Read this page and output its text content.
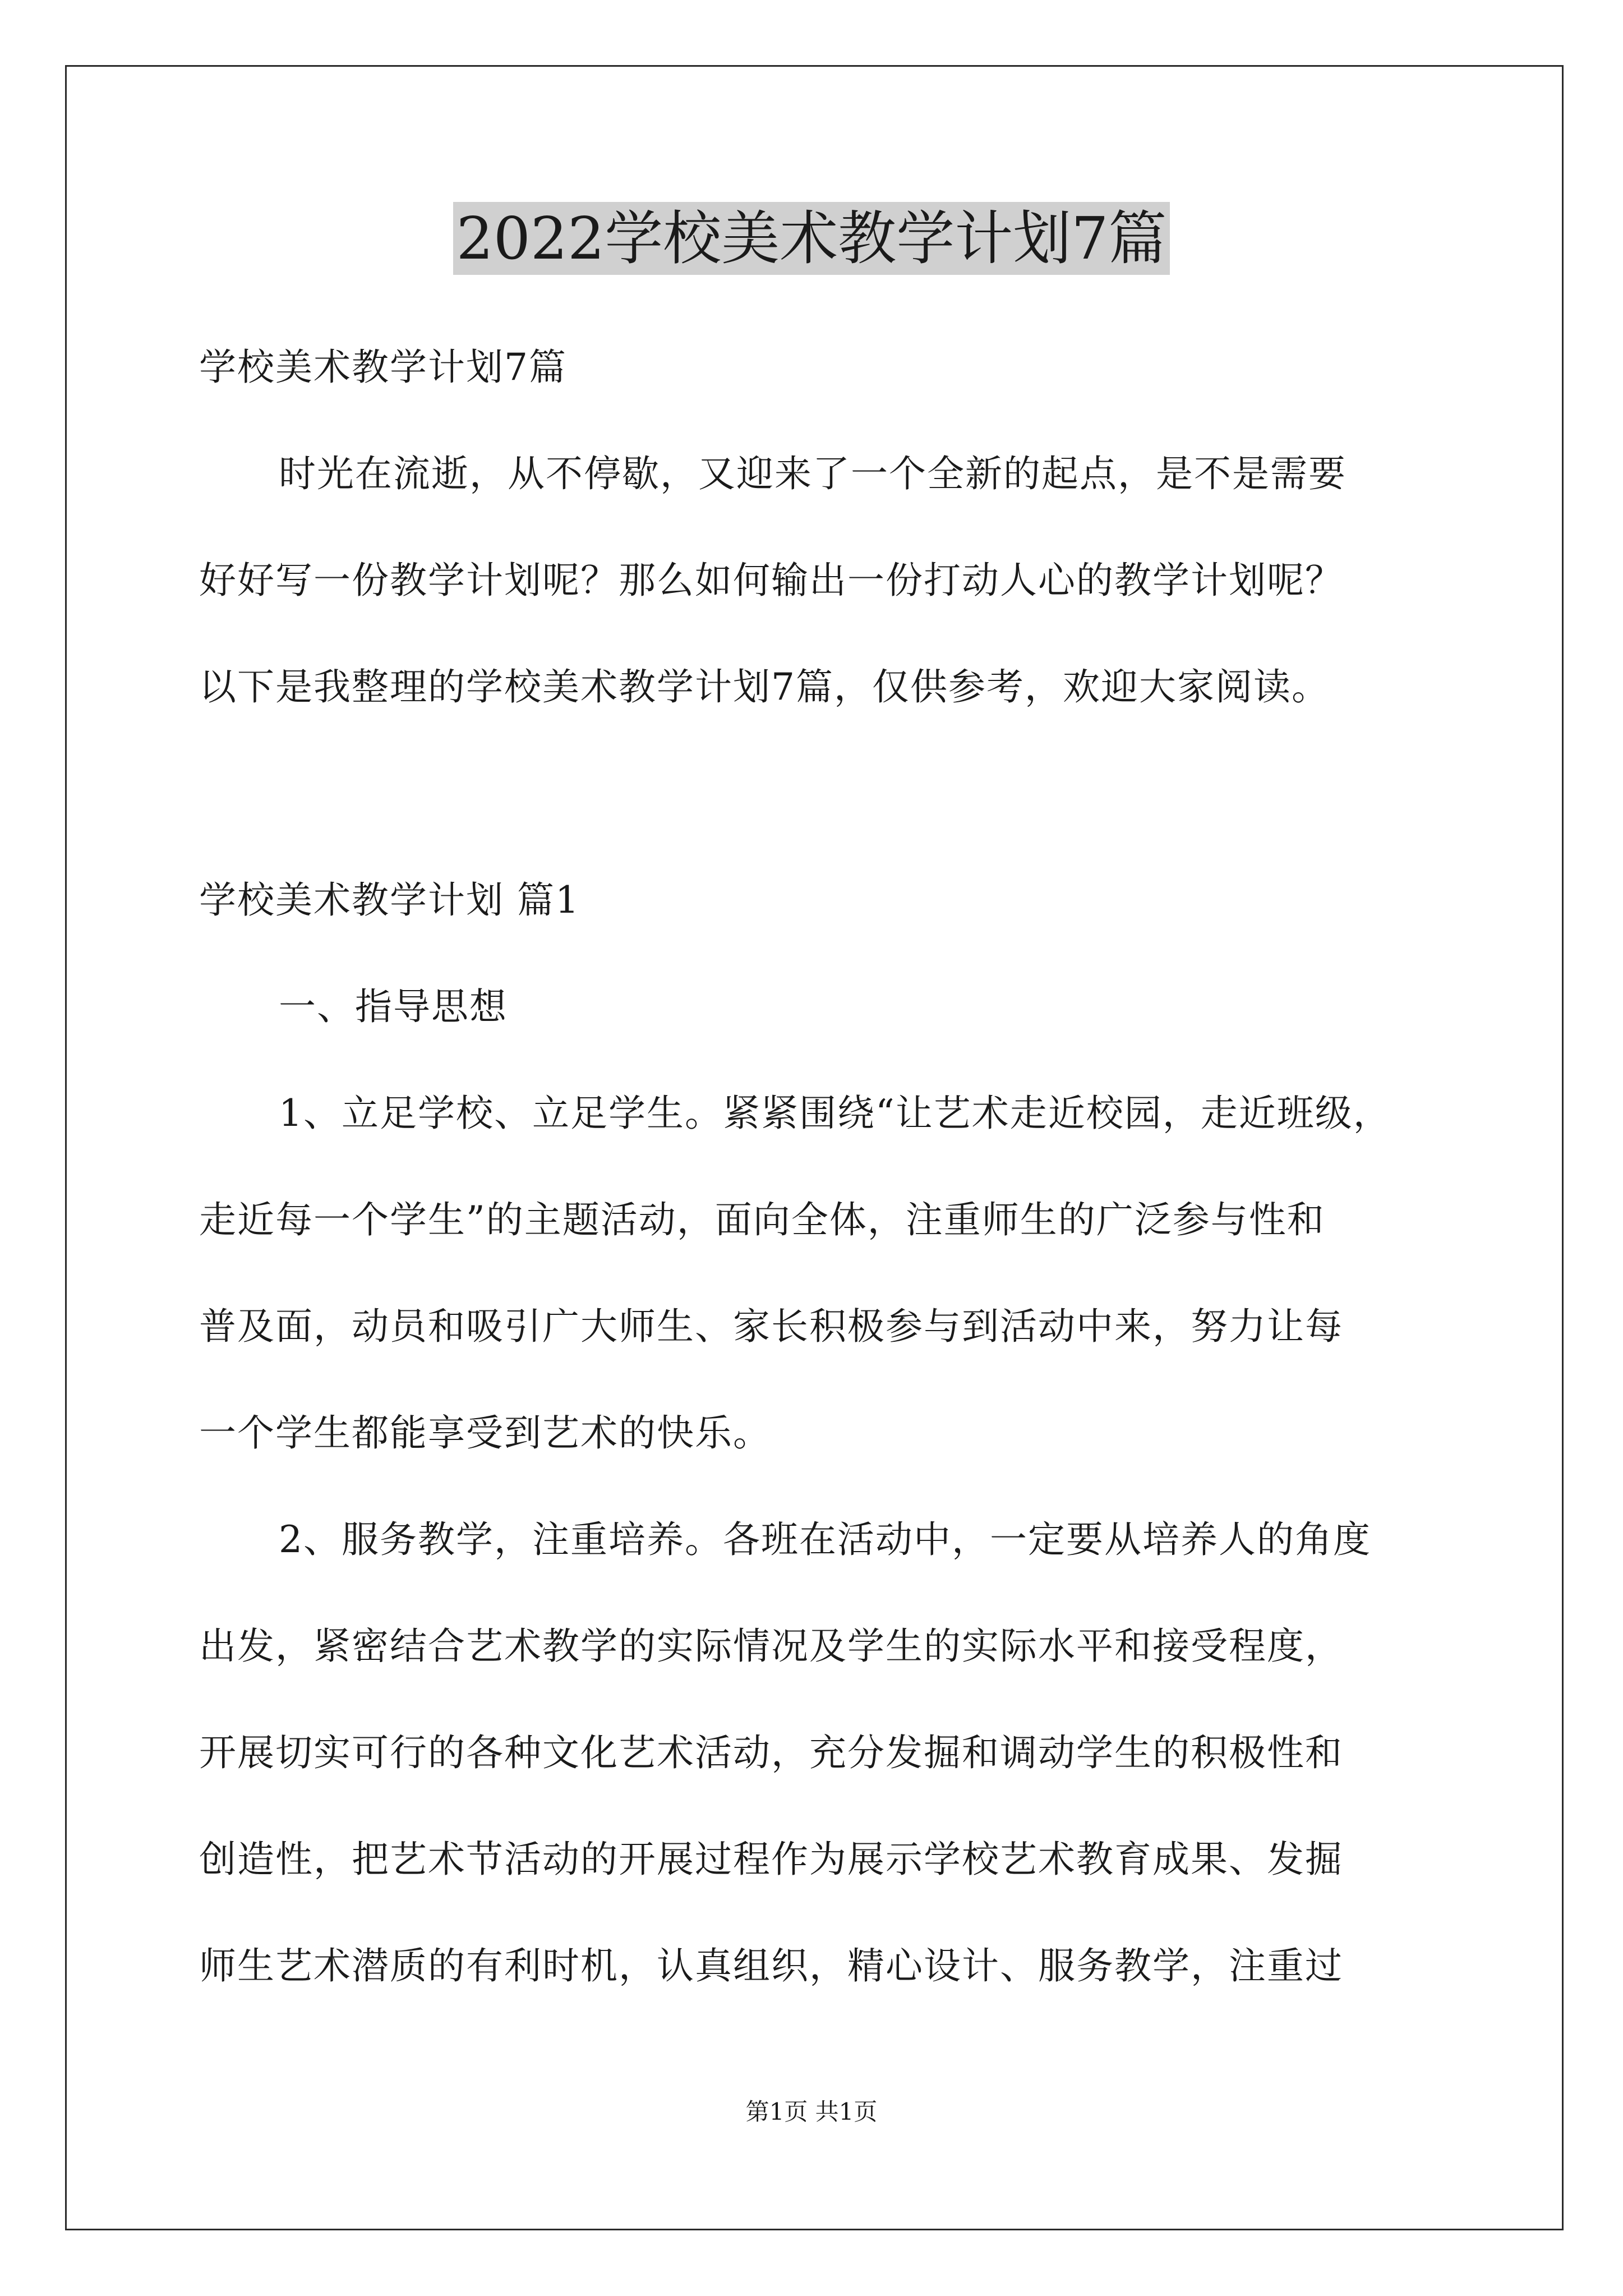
2022学校美术教学计划7篇

学校美术教学计划7篇

时光在流逝，从不停歇，又迎来了一个全新的起点，是不是需要

好好写一份教学计划呢？那么如何输出一份打动人心的教学计划呢？

以下是我整理的学校美术教学计划7篇，仅供参考，欢迎大家阅读。

学校美术教学计划 篇1

一、指导思想

1、立足学校、立足学生。紧紧围绕“让艺术走近校园，走近班级，

走近每一个学生”的主题活动，面向全体，注重师生的广泛参与性和

普及面，动员和吸引广大师生、家长积极参与到活动中来，努力让每

一个学生都能享受到艺术的快乐。

2、服务教学，注重培养。各班在活动中，一定要从培养人的角度

出发，紧密结合艺术教学的实际情况及学生的实际水平和接受程度，

开展切实可行的各种文化艺术活动，充分发掘和调动学生的积极性和

创造性，把艺术节活动的开展过程作为展示学校艺术教育成果、发掘

师生艺术潜质的有利时机，认真组织，精心设计、服务教学，注重过

第1页 共1页
